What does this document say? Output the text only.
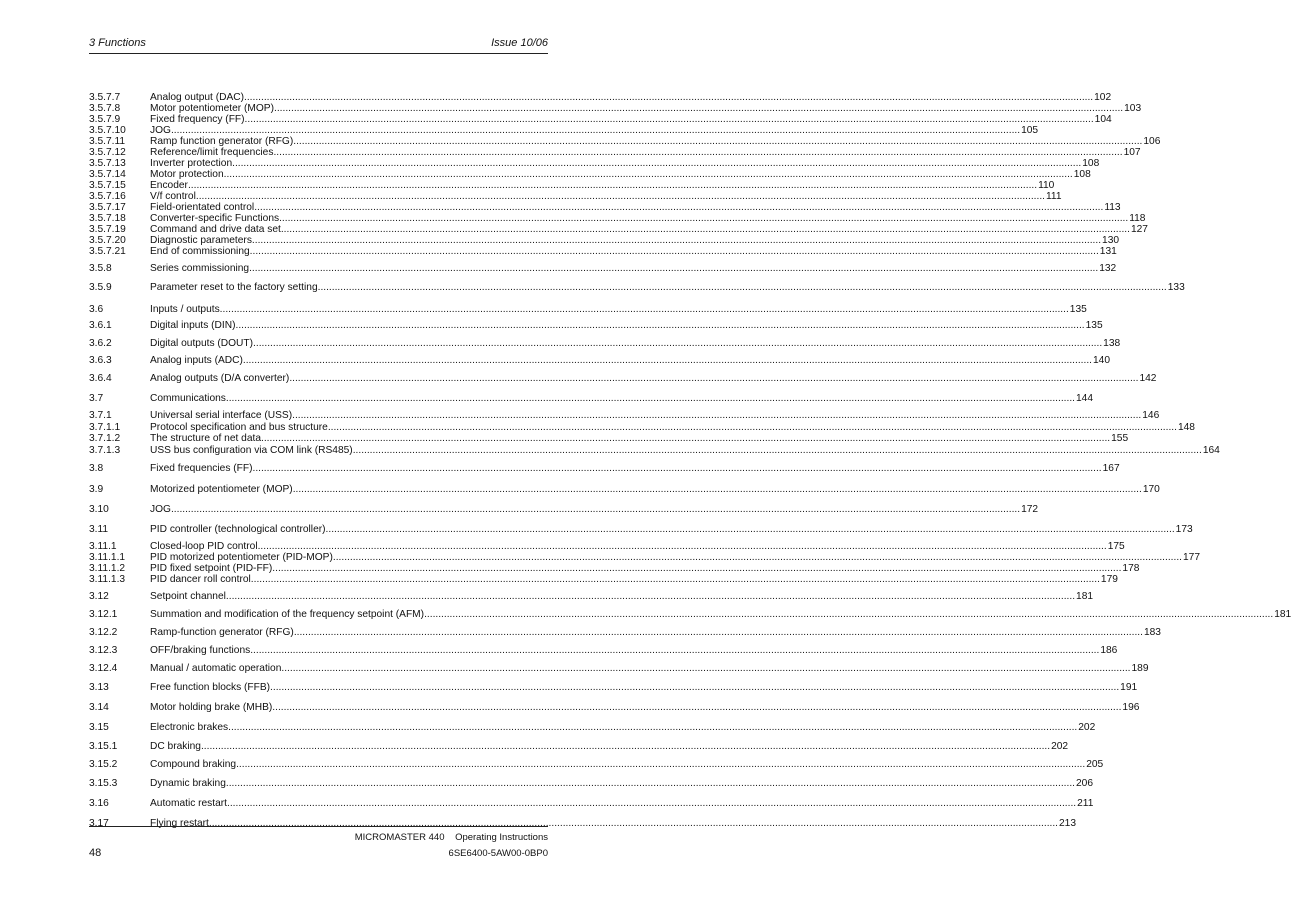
3 Functions	Issue 10/06
3.5.7.7	Analog output (DAC) .....	102
3.5.7.8	Motor potentiometer (MOP) .....	103
3.5.7.9	Fixed frequency (FF) .....	104
3.5.7.10	JOG .....	105
3.5.7.11	Ramp function generator (RFG) .....	106
3.5.7.12	Reference/limit frequencies .....	107
3.5.7.13	Inverter protection .....	108
3.5.7.14	Motor protection .....	108
3.5.7.15	Encoder .....	110
3.5.7.16	V/f control .....	111
3.5.7.17	Field-orientated control .....	113
3.5.7.18	Converter-specific Functions .....	118
3.5.7.19	Command and drive data set .....	127
3.5.7.20	Diagnostic parameters .....	130
3.5.7.21	End of commissioning .....	131
3.5.8	Series commissioning .....	132
3.5.9	Parameter reset to the factory setting .....	133
3.6	Inputs / outputs .....	135
3.6.1	Digital inputs (DIN) .....	135
3.6.2	Digital outputs (DOUT) .....	138
3.6.3	Analog inputs (ADC) .....	140
3.6.4	Analog outputs (D/A converter) .....	142
3.7	Communications .....	144
3.7.1	Universal serial interface (USS) .....	146
3.7.1.1	Protocol specification and bus structure .....	148
3.7.1.2	The structure of net data .....	155
3.7.1.3	USS bus configuration via COM link (RS485) .....	164
3.8	Fixed frequencies (FF) .....	167
3.9	Motorized potentiometer (MOP) .....	170
3.10	JOG .....	172
3.11	PID controller (technological controller) .....	173
3.11.1	Closed-loop PID control .....	175
3.11.1.1	PID motorized potentiometer (PID-MOP) .....	177
3.11.1.2	PID fixed setpoint (PID-FF) .....	178
3.11.1.3	PID dancer roll control .....	179
3.12	Setpoint channel .....	181
3.12.1	Summation and modification of the frequency setpoint (AFM) .....	181
3.12.2	Ramp-function generator (RFG) .....	183
3.12.3	OFF/braking functions .....	186
3.12.4	Manual / automatic operation .....	189
3.13	Free function blocks (FFB) .....	191
3.14	Motor holding brake (MHB) .....	196
3.15	Electronic brakes .....	202
3.15.1	DC braking .....	202
3.15.2	Compound braking .....	205
3.15.3	Dynamic braking .....	206
3.16	Automatic restart .....	211
3.17	Flying restart .....	213
48
MICROMASTER 440 Operating Instructions
6SE6400-5AW00-0BP0
